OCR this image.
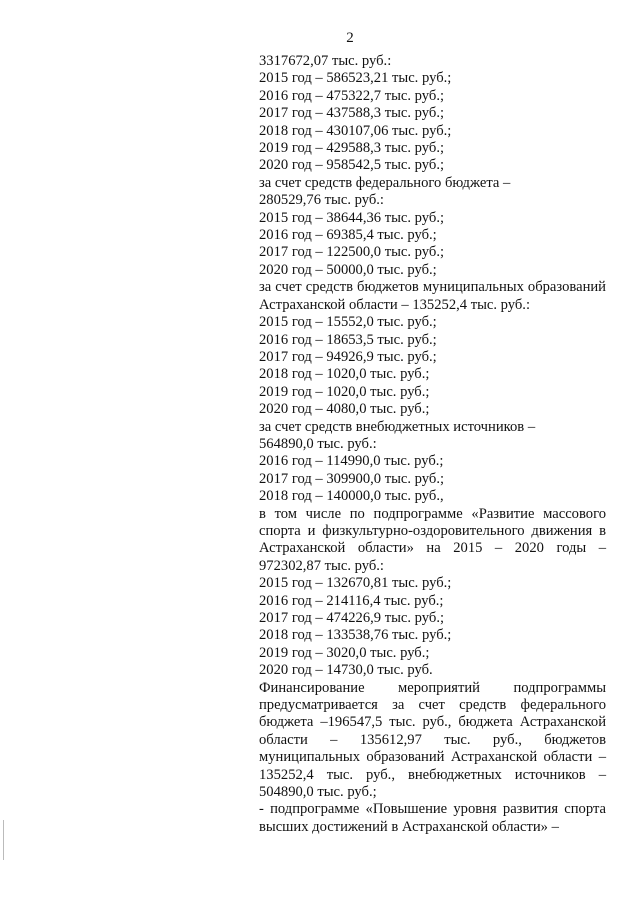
2
3317672,07 тыс. руб.:
2015 год – 586523,21 тыс. руб.;
2016 год – 475322,7 тыс. руб.;
2017 год – 437588,3 тыс. руб.;
2018 год – 430107,06 тыс. руб.;
2019 год – 429588,3 тыс. руб.;
2020 год – 958542,5 тыс. руб.;
за счет средств федерального бюджета –
280529,76 тыс. руб.:
2015 год – 38644,36 тыс. руб.;
2016 год – 69385,4 тыс. руб.;
2017 год – 122500,0 тыс. руб.;
2020 год – 50000,0 тыс. руб.;
за счет средств бюджетов муниципальных образований Астраханской области – 135252,4 тыс. руб.:
2015 год – 15552,0 тыс. руб.;
2016 год – 18653,5 тыс. руб.;
2017 год – 94926,9 тыс. руб.;
2018 год – 1020,0 тыс. руб.;
2019 год – 1020,0 тыс. руб.;
2020 год – 4080,0 тыс. руб.;
за счет средств внебюджетных источников –
564890,0 тыс. руб.:
2016 год – 114990,0 тыс. руб.;
2017 год – 309900,0 тыс. руб.;
2018 год – 140000,0 тыс. руб.,
в том числе по подпрограмме «Развитие массового спорта и физкультурно-оздоровительного движения в Астраханской области» на 2015 – 2020 годы – 972302,87 тыс. руб.:
2015 год – 132670,81 тыс. руб.;
2016 год – 214116,4 тыс. руб.;
2017 год – 474226,9 тыс. руб.;
2018 год – 133538,76 тыс. руб.;
2019 год – 3020,0 тыс. руб.;
2020 год – 14730,0 тыс. руб.
Финансирование мероприятий подпрограммы предусматривается за счет средств федерального бюджета –196547,5 тыс. руб., бюджета Астраханской области – 135612,97 тыс. руб., бюджетов муниципальных образований Астраханской области – 135252,4 тыс. руб., внебюджетных источников – 504890,0 тыс. руб.;
- подпрограмме «Повышение уровня развития спорта высших достижений в Астраханской области» –
